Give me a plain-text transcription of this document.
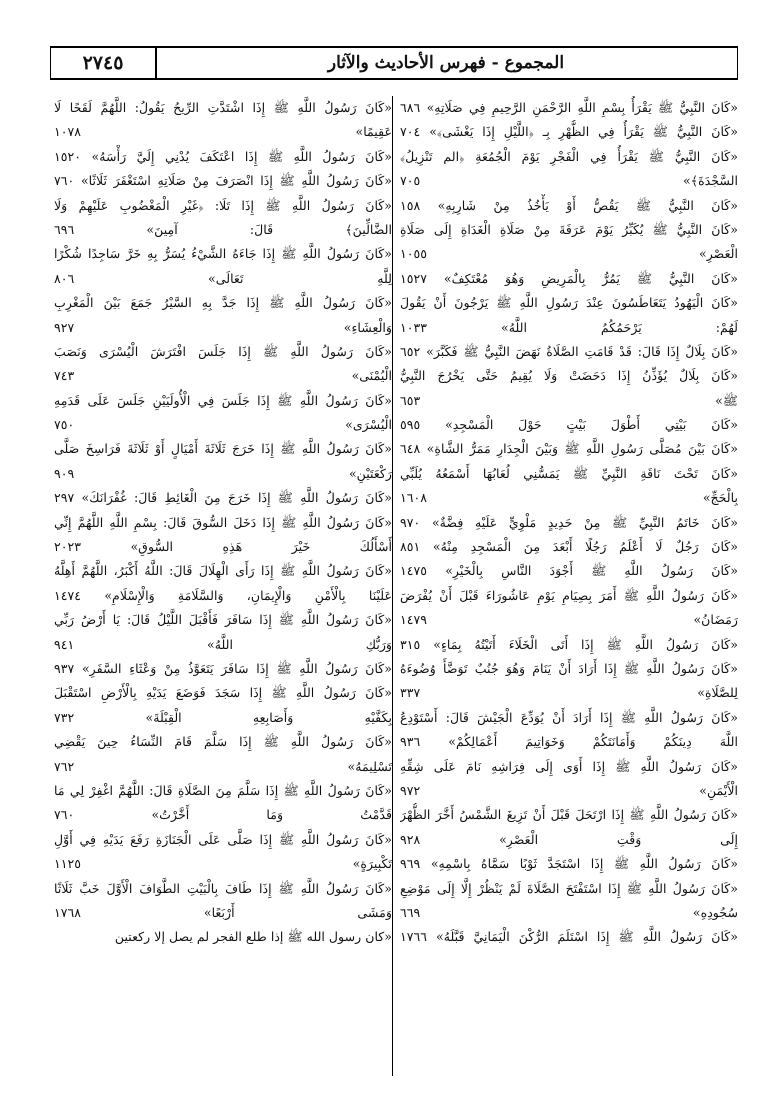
المجموع - فهرس الأحاديث والآثار
٢٧٤٥
«كَانَ النَّبِيُّ ﷺ يَقْرَأُ بِسْمِ اللَّهِ الرَّحْمَنِ الرَّحِيمِ فِي صَلَاتِهِ» ٦٨٦
«كَانَ النَّبِيُّ ﷺ يَقْرَأُ فِي الظُّهْرِ بِـ ﴿اللَّيْلِ إِذَا يَغْشَى﴾» ٧٠٤
«كَانَ النَّبِيُّ ﷺ يَقْرَأُ فِي الْفَجْرِ يَوْمَ الْجُمُعَةِ ﴿الم تَنْزِيلُ﴾
السَّجْدَةَ﴾» ٧٠٥
«كَانَ النَّبِيُّ ﷺ يَقُصُّ أَوْ يَأْخُذُ مِنْ شَارِبِهِ» ١٥٨
«كَانَ النَّبِيُّ ﷺ يُكَبِّرُ يَوْمَ عَرَفَةَ مِنْ صَلَاةِ الْغَدَاةِ إِلَى صَلَاةِ
الْعَصْرِ» ١٠٥٥
«كَانَ النَّبِيُّ ﷺ يَمُرُّ بِالْمَرِيضِ وَهُوَ مُعْتَكِفٌ» ١٥٢٧
«كَانَ الْيَهُودُ يَتَعَاطَسُونَ عِنْدَ رَسُولِ اللَّهِ ﷺ يَرْجُونَ أَنْ يَقُولَ
لَهُمْ: يَرْحَمُكُمُ اللَّهُ» ١٠٣٣
«كَانَ بِلَالٌ إِذَا قَالَ: قَدْ قَامَتِ الصَّلَاةُ نَهَضَ النَّبِيُّ ﷺ فَكَبَّرَ» ٦٥٢
«كَانَ بِلَالٌ يُؤَذِّنُ إِذَا دَحَضَتْ وَلَا يُقِيمُ حَتَّى يَخْرُجَ النَّبِيُّ
ﷺ» ٦٥٣
«كَانَ بَيْتِي أَطْوَلَ بَيْتٍ حَوْلَ الْمَسْجِدِ» ٥٩٥
«كَانَ بَيْنَ مُصَلَّى رَسُولِ اللَّهِ ﷺ وَبَيْنَ الْجِدَارِ مَمَرُّ الشَّاةِ» ٦٤٨
«كَانَ تَحْتَ نَاقَةِ النَّبِيِّ ﷺ يَمَسُّنِي لُعَابُهَا أَسْمَعُهُ يُلَبِّي
بِالْحَجِّ» ١٦٠٨
«كَانَ خَاتَمُ النَّبِيِّ ﷺ مِنْ حَدِيدٍ مَلْوِيٍّ عَلَيْهِ فِضَّةٌ» ٩٧٠
«كَانَ رَجُلٌ لَا أَعْلَمُ رَجُلًا أَبْعَدَ مِنَ الْمَسْجِدِ مِنْهُ» ٨٥١
«كَانَ رَسُولُ اللَّهِ ﷺ أَجْوَدَ النَّاسِ بِالْخَيْرِ» ١٤٧٥
«كَانَ رَسُولُ اللَّهِ ﷺ أَمَرَ بِصِيَامِ يَوْمِ عَاشُورَاءَ قَبْلَ أَنْ يُفْرَضَ
رَمَضَانُ» ١٤٧٩
«كَانَ رَسُولُ اللَّهِ ﷺ إِذَا أَتَى الْخَلَاءَ أَتَيْتُهُ بِمَاءٍ» ٣١٥
«كَانَ رَسُولُ اللَّهِ ﷺ إِذَا أَرَادَ أَنْ يَنَامَ وَهُوَ جُنُبٌ تَوَضَّأَ وُضُوءَهُ
لِلصَّلَاةِ» ٣٣٧
«كَانَ رَسُولُ اللَّهِ ﷺ إِذَا أَرَادَ أَنْ يُوَدِّعَ الْجَيْشَ قَالَ: أَسْتَوْدِعُ
اللَّهَ دِينَكُمْ وَأَمَانَتَكُمْ وَخَوَاتِيمَ أَعْمَالِكُمْ» ٩٣٦
«كَانَ رَسُولُ اللَّهِ ﷺ إِذَا أَوَى إِلَى فِرَاشِهِ نَامَ عَلَى شِقِّهِ
الْأَيْمَنِ» ٩٧٢
«كَانَ رَسُولُ اللَّهِ ﷺ إِذَا ارْتَحَلَ قَبْلَ أَنْ تَزِيغَ الشَّمْسُ أَخَّرَ الظُّهْرَ
إِلَى وَقْتِ الْعَصْرِ» ٩٢٨
«كَانَ رَسُولُ اللَّهِ ﷺ إِذَا اسْتَجَدَّ ثَوْبًا سَمَّاهُ بِاسْمِهِ» ٩٦٩
«كَانَ رَسُولُ اللَّهِ ﷺ إِذَا اسْتَفْتَحَ الصَّلَاةَ لَمْ يَنْظُرْ إِلَّا إِلَى مَوْضِعِ
سُجُودِهِ» ٦٦٩
«كَانَ رَسُولُ اللَّهِ ﷺ إِذَا اسْتَلَمَ الرُّكْنَ الْيَمَانِيَّ قَبَّلَهُ» ١٧٦٦
«كَانَ رَسُولُ اللَّهِ ﷺ إِذَا اشْتَدَّتِ الرِّيحُ يَقُولُ: اللَّهُمَّ لَقَحًا لَا
عَقِيمًا» ١٠٧٨
«كَانَ رَسُولُ اللَّهِ ﷺ إِذَا اعْتَكَفَ يُدْنِي إِلَيَّ رَأْسَهُ» ١٥٢٠
«كَانَ رَسُولُ اللَّهِ ﷺ إِذَا انْصَرَفَ مِنْ صَلَاتِهِ اسْتَغْفَرَ ثَلَاثًا» ٧٦٠
«كَانَ رَسُولُ اللَّهِ ﷺ إِذَا تَلَا: ﴿غَيْرِ الْمَغْضُوبِ عَلَيْهِمْ وَلَا
الضَّالِّينَ﴾ قَالَ: آمِينَ» ٦٩٦
«كَانَ رَسُولُ اللَّهِ ﷺ إِذَا جَاءَهُ الشَّيْءُ يُسَرُّ بِهِ خَرَّ سَاجِدًا شُكْرًا
لِلَّهِ تَعَالَى» ٨٠٦
«كَانَ رَسُولُ اللَّهِ ﷺ إِذَا جَدَّ بِهِ السَّيْرُ جَمَعَ بَيْنَ الْمَغْرِبِ
وَالْعِشَاءِ» ٩٢٧
«كَانَ رَسُولُ اللَّهِ ﷺ إِذَا جَلَسَ افْتَرَشَ الْيُسْرَى وَنَصَبَ
الْيُمْنَى» ٧٤٣
«كَانَ رَسُولُ اللَّهِ ﷺ إِذَا جَلَسَ فِي الْأُولَيَيْنِ جَلَسَ عَلَى قَدَمِهِ
الْيُسْرَى» ٧٥٠
«كَانَ رَسُولُ اللَّهِ ﷺ إِذَا خَرَجَ ثَلَاثَةَ أَمْيَالٍ أَوْ ثَلَاثَةَ فَرَاسِخَ صَلَّى
رَكْعَتَيْنِ» ٩٠٩
«كَانَ رَسُولُ اللَّهِ ﷺ إِذَا خَرَجَ مِنَ الْغَائِطِ قَالَ: غُفْرَانَكَ» ٢٩٧
«كَانَ رَسُولُ اللَّهِ ﷺ إِذَا دَخَلَ السُّوقَ قَالَ: بِسْمِ اللَّهِ اللَّهُمَّ إِنِّي
أَسْأَلُكَ خَيْرَ هَذِهِ السُّوقِ» ٢٠٢٣
«كَانَ رَسُولُ اللَّهِ ﷺ إِذَا رَأَى الْهِلَالَ قَالَ: اللَّهُ أَكْبَرُ، اللَّهُمَّ أَهِلَّهُ
عَلَيْنَا بِالْأَمْنِ وَالْإِيمَانِ، وَالسَّلَامَةِ وَالْإِسْلَامِ» ١٤٧٤
«كَانَ رَسُولُ اللَّهِ ﷺ إِذَا سَافَرَ فَأَقْبَلَ اللَّيْلُ قَالَ: يَا أَرْضُ رَبِّي
وَرَبُّكِ اللَّهُ» ٩٤١
«كَانَ رَسُولُ اللَّهِ ﷺ إِذَا سَافَرَ يَتَعَوَّذُ مِنْ وَعْثَاءِ السَّفَرِ» ٩٣٧
«كَانَ رَسُولُ اللَّهِ ﷺ إِذَا سَجَدَ فَوَضَعَ يَدَيْهِ بِالْأَرْضِ اسْتَقْبَلَ
بِكَفَّيْهِ وَأَصَابِعِهِ الْقِبْلَةَ» ٧٣٢
«كَانَ رَسُولُ اللَّهِ ﷺ إِذَا سَلَّمَ قَامَ النِّسَاءُ حِينَ يَقْضِي
تَسْلِيمَهُ» ٧٦٢
«كَانَ رَسُولُ اللَّهِ ﷺ إِذَا سَلَّمَ مِنَ الصَّلَاةِ قَالَ: اللَّهُمَّ اغْفِرْ لِي مَا
قَدَّمْتُ وَمَا أَخَّرْتُ» ٧٦٠
«كَانَ رَسُولُ اللَّهِ ﷺ إِذَا صَلَّى عَلَى الْجَنَازَةِ رَفَعَ يَدَيْهِ فِي أَوَّلِ
تَكْبِيرَةٍ» ١١٢٥
«كَانَ رَسُولُ اللَّهِ ﷺ إِذَا طَافَ بِالْبَيْتِ الطَّوَافَ الْأَوَّلَ خَبَّ ثَلَاثًا
وَمَشَى أَرْبَعًا» ١٧٦٨
«كان رسول الله ﷺ إذا طلع الفجر لم يصل إلا ركعتين
